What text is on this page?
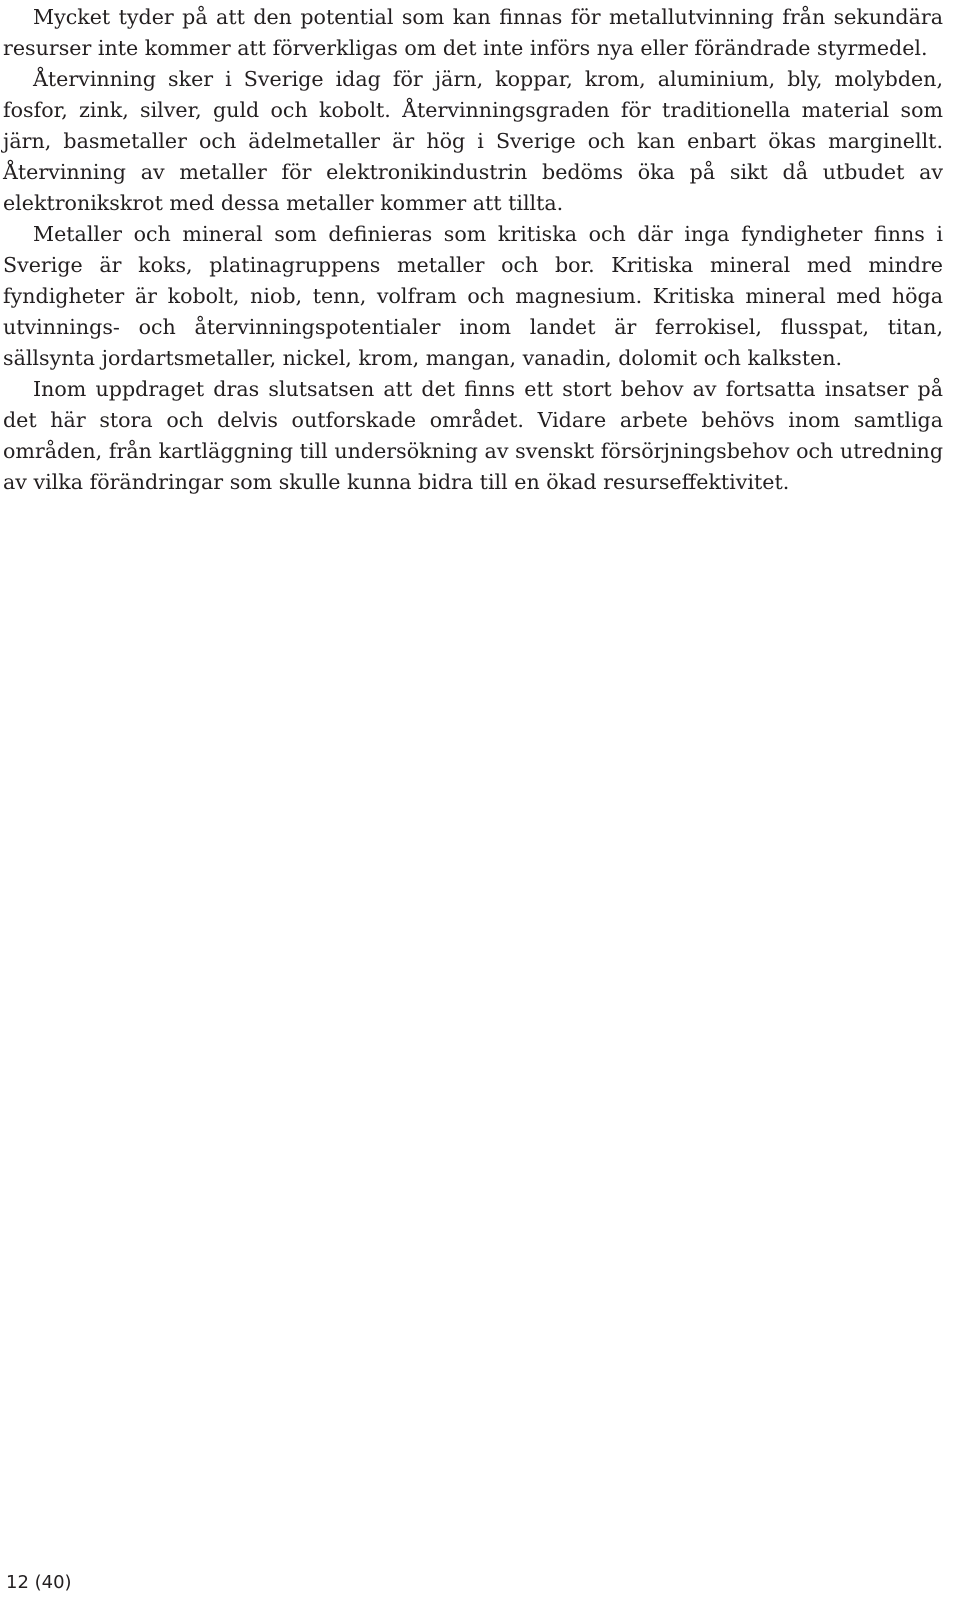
Mycket tyder på att den potential som kan finnas för metallutvinning från sekundära resurser inte kommer att förverkligas om det inte införs nya eller förändrade styrmedel.

Återvinning sker i Sverige idag för järn, koppar, krom, aluminium, bly, molybden, fosfor, zink, silver, guld och kobolt. Återvinningsgraden för traditionella material som järn, basmetaller och ädelmetaller är hög i Sverige och kan enbart ökas marginellt. Återvinning av metaller för elektronikindustrin bedöms öka på sikt då utbudet av elektronikskrot med dessa metaller kommer att tillta.

Metaller och mineral som definieras som kritiska och där inga fyndigheter finns i Sverige är koks, platinagruppens metaller och bor. Kritiska mineral med mindre fyndigheter är kobolt, niob, tenn, volfram och magnesium. Kritiska mineral med höga utvinnings- och återvinningspotentialer inom landet är ferrokisel, flusspat, titan, sällsynta jordartsmetaller, nickel, krom, mangan, vanadin, dolomit och kalksten.

Inom uppdraget dras slutsatsen att det finns ett stort behov av fortsatta insatser på det här stora och delvis outforskade området. Vidare arbete behövs inom samtliga områden, från kartläggning till undersökning av svenskt försörjningsbehov och utredning av vilka förändringar som skulle kunna bidra till en ökad resurseffektivitet.

12 (40)
